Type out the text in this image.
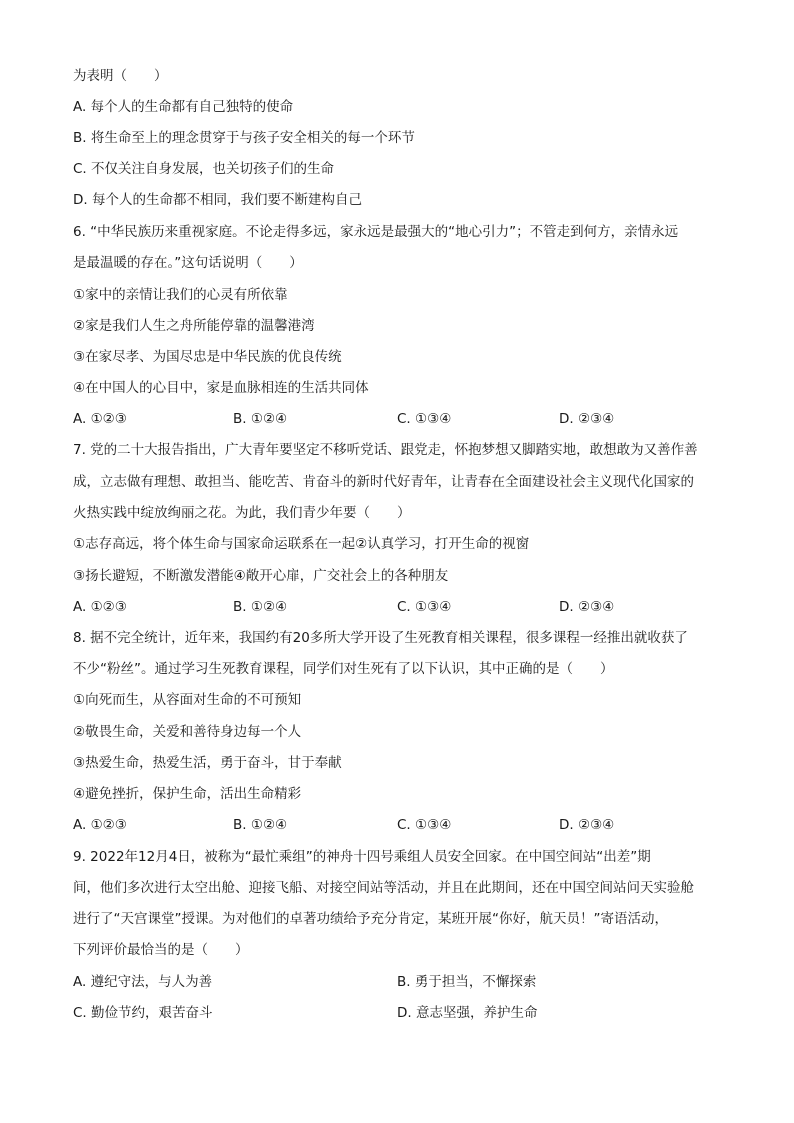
为表明（　　）
A. 每个人的生命都有自己独特的使命
B. 将生命至上的理念贯穿于与孩子安全相关的每一个环节
C. 不仅关注自身发展，也关切孩子们的生命
D. 每个人的生命都不相同，我们要不断建构自己
6. “中华民族历来重视家庭。不论走得多远，家永远是最强大的“地心引力”；不管走到何方，亲情永远
是最温暖的存在。”这句话说明（　　）
①家中的亲情让我们的心灵有所依靠
②家是我们人生之舟所能停靠的温馨港湾
③在家尽孝、为国尽忠是中华民族的优良传统
④在中国人的心目中，家是血脉相连的生活共同体
A. ①②③	B. ①②④	C. ①③④	D. ②③④
7. 党的二十大报告指出，广大青年要坚定不移听党话、跟党走，怀抱梦想又脚踏实地，敢想敢为又善作善
成，立志做有理想、敢担当、能吃苦、肯奋斗的新时代好青年，让青春在全面建设社会主义现代化国家的
火热实践中绽放绚丽之花。为此，我们青少年要（　　）
①志存高远，将个体生命与国家命运联系在一起②认真学习，打开生命的视窗
③扬长避短，不断激发潜能④敞开心扉，广交社会上的各种朋友
A. ①②③	B. ①②④	C. ①③④	D. ②③④
8. 据不完全统计，近年来，我国约有20多所大学开设了生死教育相关课程，很多课程一经推出就收获了
不少“粉丝”。通过学习生死教育课程，同学们对生死有了以下认识，其中正确的是（　　）
①向死而生，从容面对生命的不可预知
②敬畏生命，关爱和善待身边每一个人
③热爱生命，热爱生活，勇于奋斗，甘于奉献
④避免挫折，保护生命，活出生命精彩
A. ①②③	B. ①②④	C. ①③④	D. ②③④
9. 2022年12月4日，被称为“最忙乘组”的神舟十四号乘组人员安全回家。在中国空间站“出差”期
间，他们多次进行太空出舱、迎接飞船、对接空间站等活动，并且在此期间，还在中国空间站问天实验舱
进行了“天宫课堂”授课。为对他们的卓著功绩给予充分肯定，某班开展“你好，航天员！”寄语活动，
下列评价最恰当的是（　　）
A. 遵纪守法，与人为善	B. 勇于担当，不懈探索
C. 勤俭节约，艰苦奋斗	D. 意志坚强，养护生命
